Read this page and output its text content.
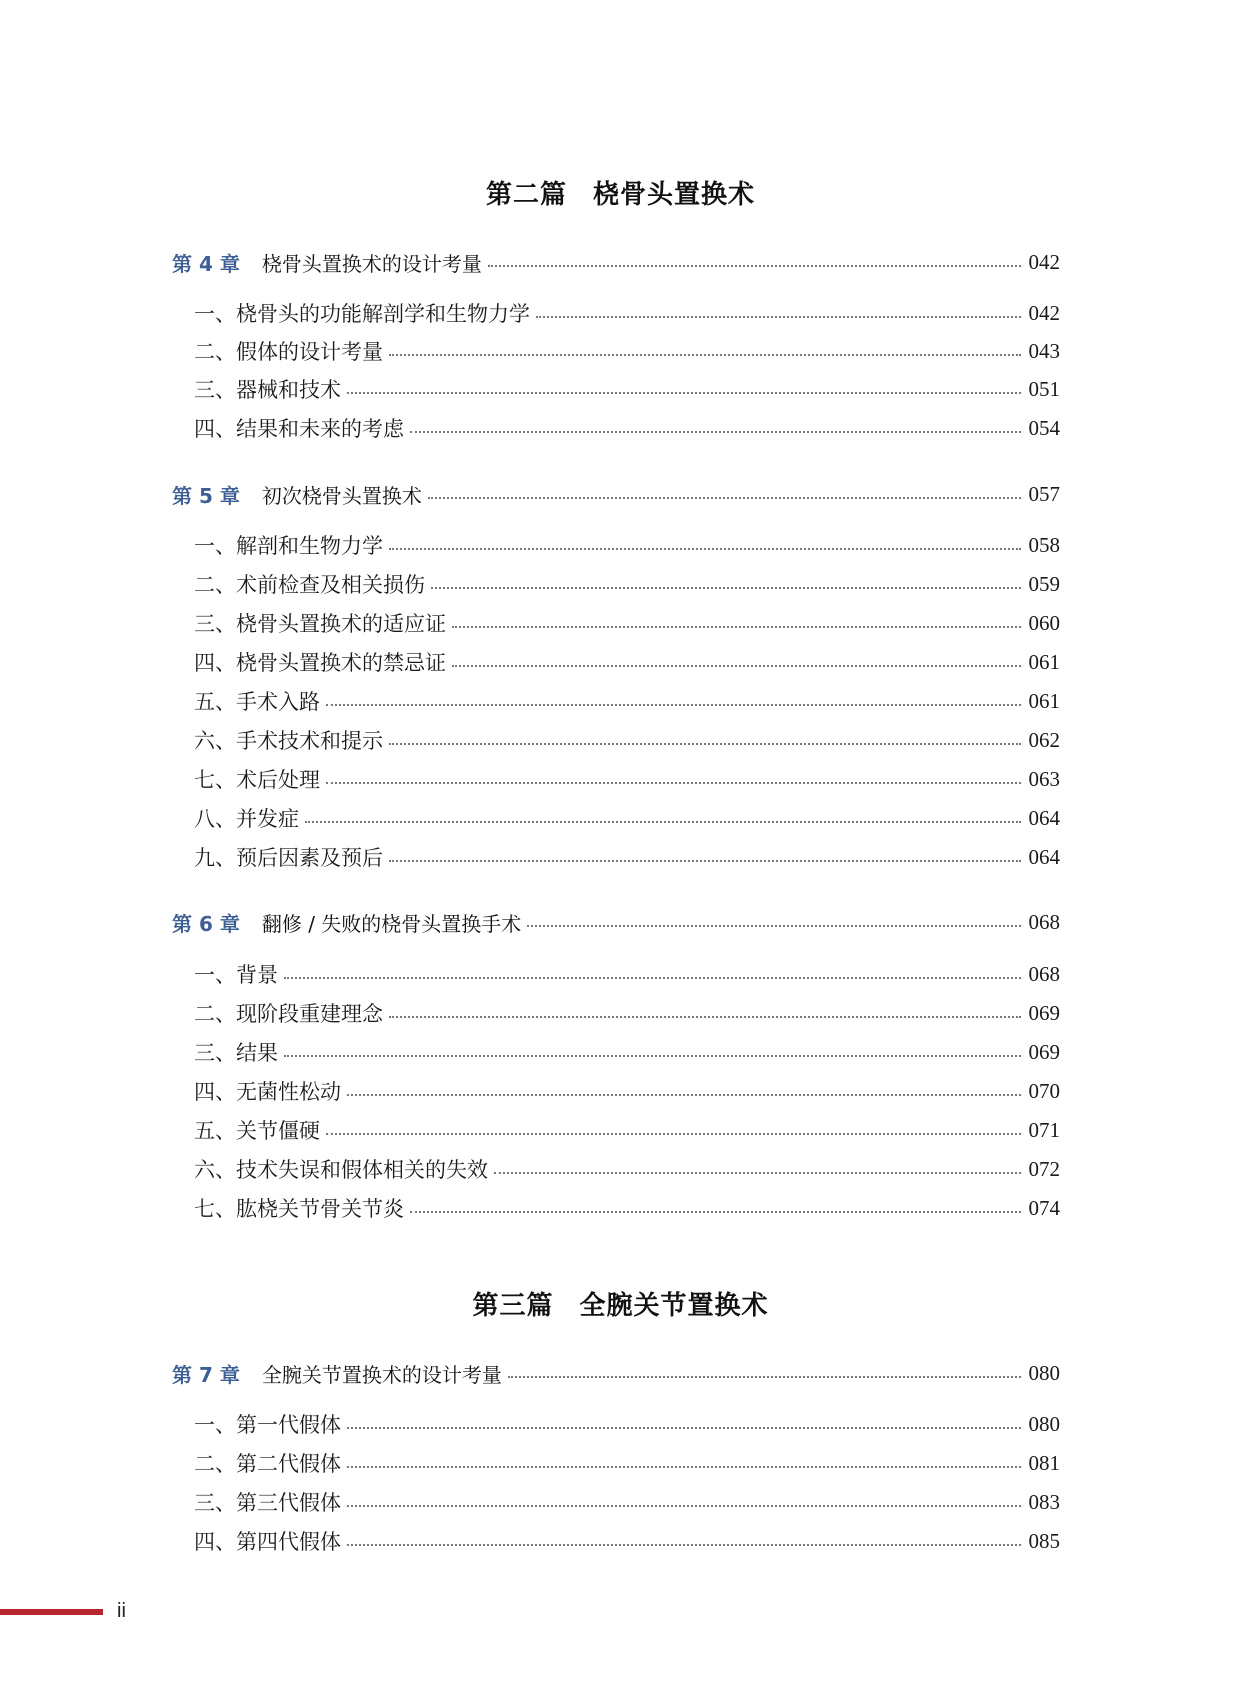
第二篇 桡骨头置换术
第 4 章 桡骨头置换术的设计考量	042
一、桡骨头的功能解剖学和生物力学	042
二、假体的设计考量	043
三、器械和技术	051
四、结果和未来的考虑	054
第 5 章 初次桡骨头置换术	057
一、解剖和生物力学	058
二、术前检查及相关损伤	059
三、桡骨头置换术的适应证	060
四、桡骨头置换术的禁忌证	061
五、手术入路	061
六、手术技术和提示	062
七、术后处理	063
八、并发症	064
九、预后因素及预后	064
第 6 章 翻修 / 失败的桡骨头置换手术	068
一、背景	068
二、现阶段重建理念	069
三、结果	069
四、无菌性松动	070
五、关节僵硬	071
六、技术失误和假体相关的失效	072
七、肱桡关节骨关节炎	074
第三篇 全腕关节置换术
第 7 章 全腕关节置换术的设计考量	080
一、第一代假体	080
二、第二代假体	081
三、第三代假体	083
四、第四代假体	085
ii
